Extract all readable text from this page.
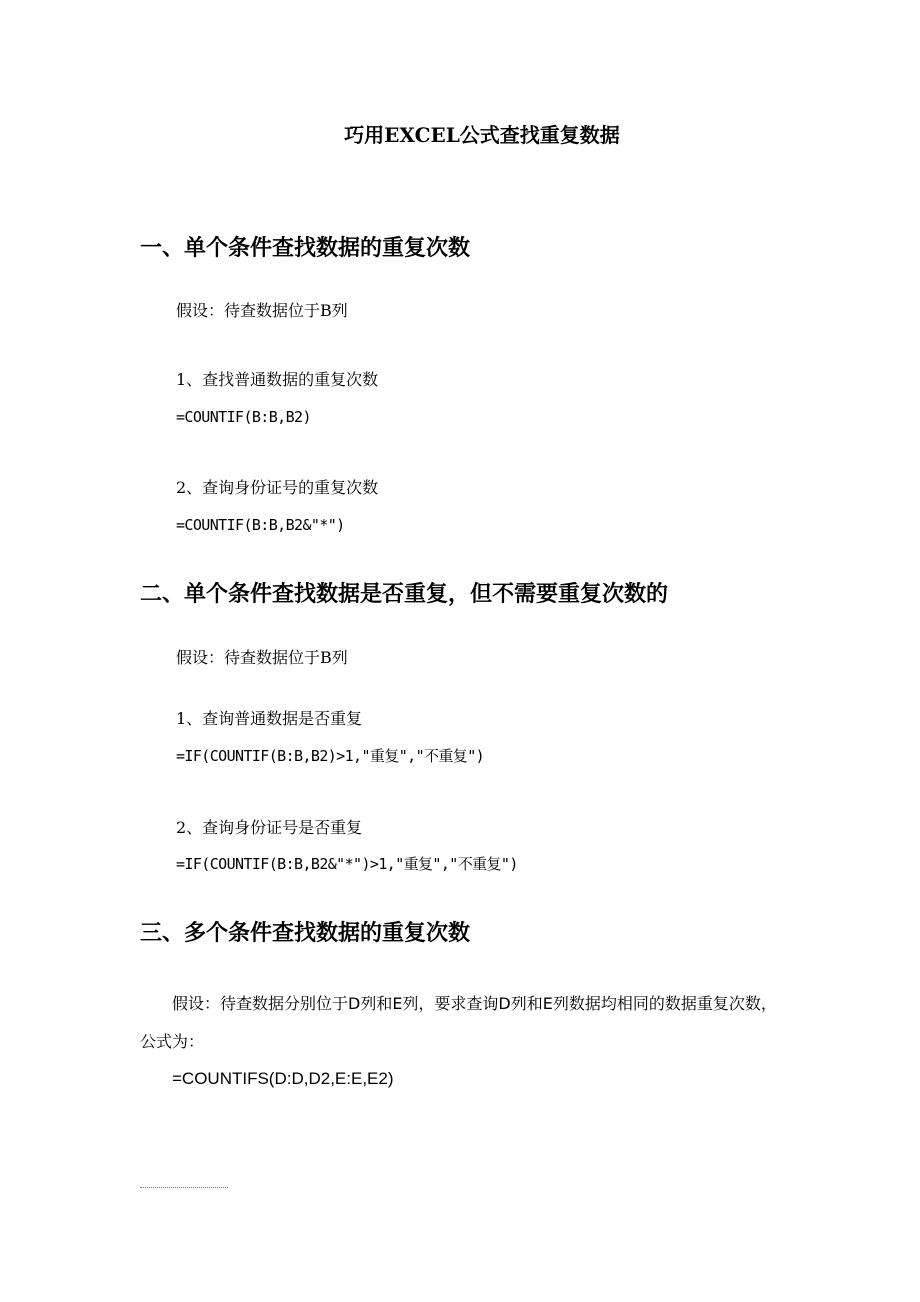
巧用EXCEL公式查找重复数据
一、单个条件查找数据的重复次数

假设：待查数据位于B列

1、查找普通数据的重复次数

=COUNTIF(B:B,B2)

2、查询身份证号的重复次数

=COUNTIF(B:B,B2&"*")

二、单个条件查找数据是否重复，但不需要重复次数的

假设：待查数据位于B列

1、查询普通数据是否重复

=IF(COUNTIF(B:B,B2)>1,"重复","不重复")

2、查询身份证号是否重复

=IF(COUNTIF(B:B,B2&"*")>1,"重复","不重复")

三、多个条件查找数据的重复次数

假设：待查数据分别位于D列和E列，要求查询D列和E列数据均相同的数据重复次数，公式为：

=COUNTIFS(D:D,D2,E:E,E2)
